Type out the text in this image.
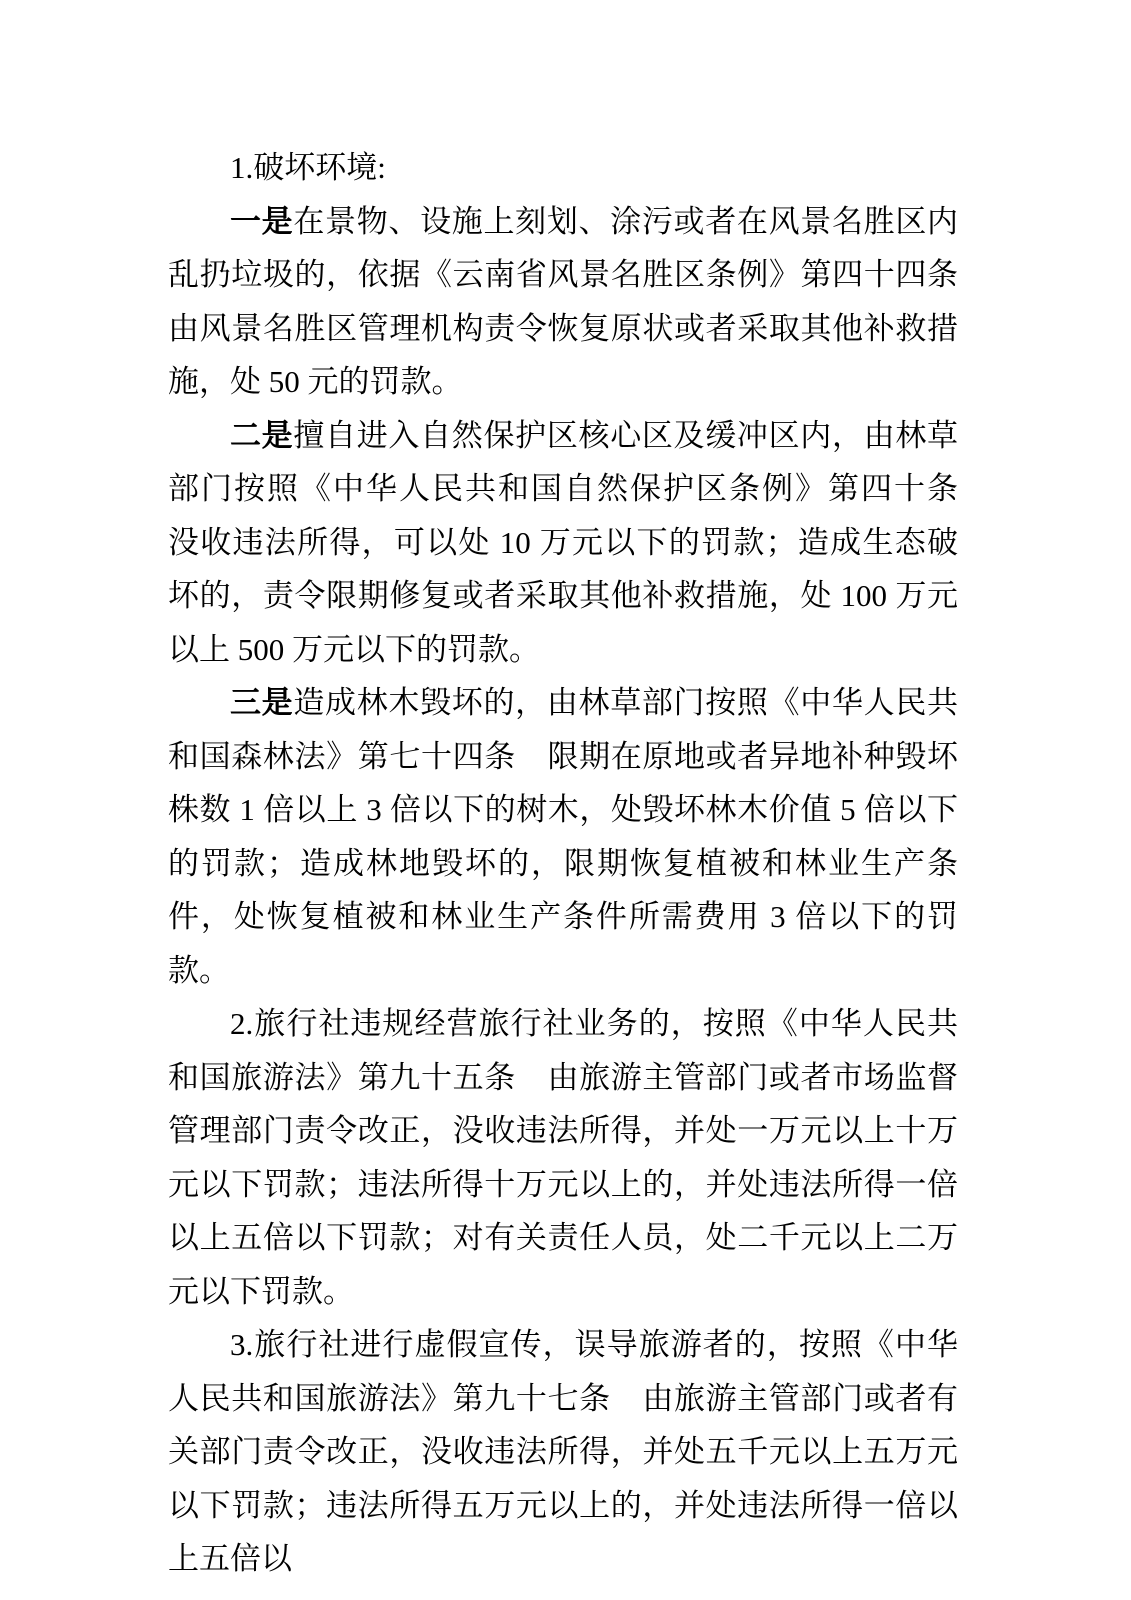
1.破坏环境:

一是在景物、设施上刻划、涂污或者在风景名胜区内乱扔垃圾的，依据《云南省风景名胜区条例》第四十四条　由风景名胜区管理机构责令恢复原状或者采取其他补救措施，处 50 元的罚款。

二是擅自进入自然保护区核心区及缓冲区内，由林草部门按照《中华人民共和国自然保护区条例》第四十条　没收违法所得，可以处 10 万元以下的罚款；造成生态破坏的，责令限期修复或者采取其他补救措施，处 100 万元以上 500 万元以下的罚款。

三是造成林木毁坏的，由林草部门按照《中华人民共和国森林法》第七十四条　限期在原地或者异地补种毁坏株数 1 倍以上 3 倍以下的树木，处毁坏林木价值 5 倍以下的罚款；造成林地毁坏的，限期恢复植被和林业生产条件，处恢复植被和林业生产条件所需费用 3 倍以下的罚款。

2.旅行社违规经营旅行社业务的，按照《中华人民共和国旅游法》第九十五条　由旅游主管部门或者市场监督管理部门责令改正，没收违法所得，并处一万元以上十万元以下罚款；违法所得十万元以上的，并处违法所得一倍以上五倍以下罚款；对有关责任人员，处二千元以上二万元以下罚款。

3.旅行社进行虚假宣传，误导旅游者的，按照《中华人民共和国旅游法》第九十七条　由旅游主管部门或者有关部门责令改正，没收违法所得，并处五千元以上五万元以下罚款；违法所得五万元以上的，并处违法所得一倍以上五倍以
